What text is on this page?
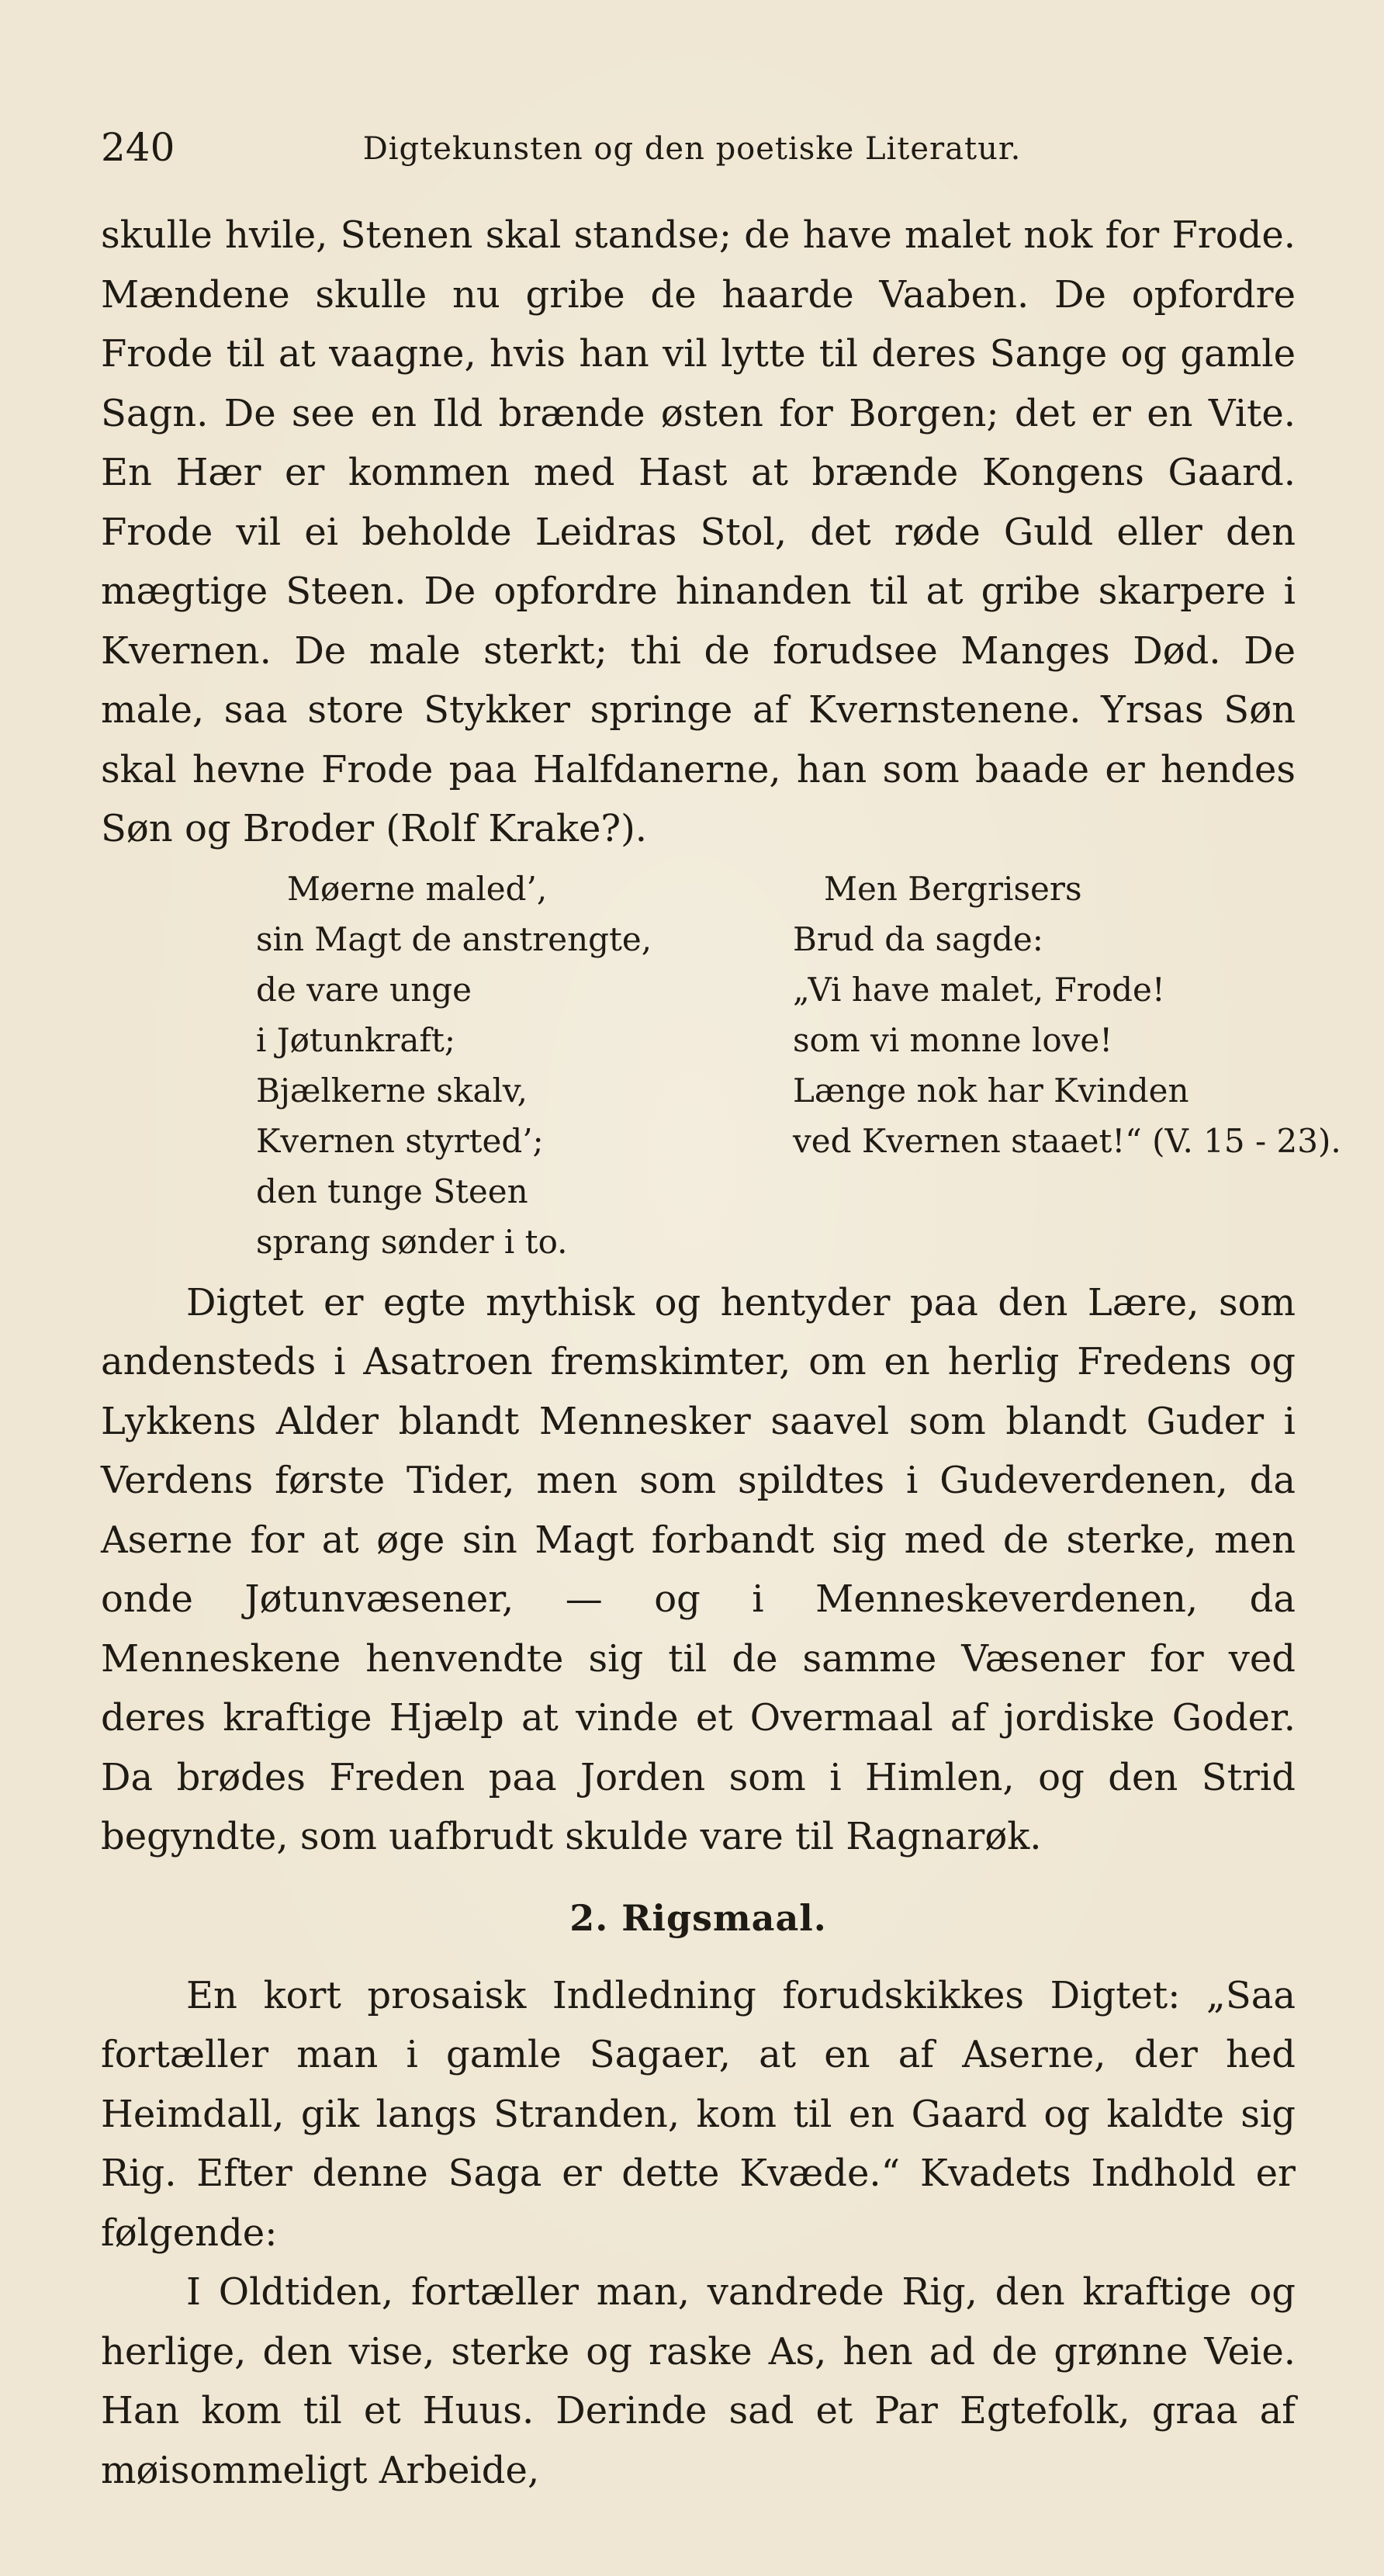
240	Digtekunsten og den poetiske Literatur.

skulle hvile, Stenen skal standse; de have malet nok for Frode. Mændene skulle nu gribe de haarde Vaaben. De opfordre Frode til at vaagne, hvis han vil lytte til deres Sange og gamle Sagn. De see en Ild brænde østen for Borgen; det er en Vite. En Hær er kommen med Hast at brænde Kongens Gaard. Frode vil ei beholde Leidras Stol, det røde Guld eller den mægtige Steen. De opfordre hinanden til at gribe skarpere i Kvernen. De male sterkt; thi de forudsee Manges Død. De male, saa store Stykker springe af Kvernstenene. Yrsas Søn skal hevne Frode paa Halfdanerne, han som baade er hendes Søn og Broder (Rolf Krake?).

Møerne maled’,
sin Magt de anstrengte,
de vare unge
i Jøtunkraft;
Bjælkerne skalv,
Kvernen styrted’;
den tunge Steen
sprang sønder i to.
Men Bergrisers
Brud da sagde:
„Vi have malet, Frode!
som vi monne love!
Længe nok har Kvinden
ved Kvernen staaet!“ (V. 15 - 23).

Digtet er egte mythisk og hentyder paa den Lære, som andensteds i Asatroen fremskimter, om en herlig Fredens og Lykkens Alder blandt Mennesker saavel som blandt Guder i Verdens første Tider, men som spildtes i Gudeverdenen, da Aserne for at øge sin Magt forbandt sig med de sterke, men onde Jøtunvæsener, — og i Menneskeverdenen, da Menneskene henvendte sig til de samme Væsener for ved deres kraftige Hjælp at vinde et Overmaal af jordiske Goder. Da brødes Freden paa Jorden som i Himlen, og den Strid begyndte, som uafbrudt skulde vare til Ragnarøk.

2. Rigsmaal.

En kort prosaisk Indledning forudskikkes Digtet: „Saa fortæller man i gamle Sagaer, at en af Aserne, der hed Heimdall, gik langs Stranden, kom til en Gaard og kaldte sig Rig. Efter denne Saga er dette Kvæde.“ Kvadets Indhold er følgende:

I Oldtiden, fortæller man, vandrede Rig, den kraftige og herlige, den vise, sterke og raske As, hen ad de grønne Veie. Han kom til et Huus. Derinde sad et Par Egtefolk, graa af møisommeligt Arbeide,
